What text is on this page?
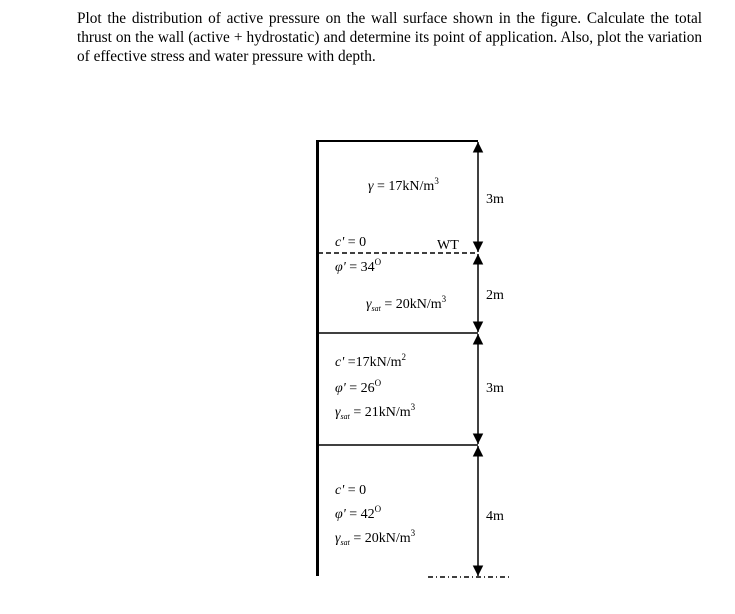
Plot the distribution of active pressure on the wall surface shown in the figure. Calculate the total thrust on the wall (active + hydrostatic) and determine its point of application. Also, plot the variation of effective stress and water pressure with depth.
WT
3m
2m
3m
4m
$\gamma = 17kN/m^3$
c' = 0
$\varphi' = 34^O$
$\gamma_{sat} = 20kN/m^3$
$c' =17kN/m^2$
$\varphi' = 26^O$
$\gamma_{sat} = 21kN/m^3$
c' = 0
$\varphi' = 42^O$
$\gamma_{sat} = 20kN/m^3$
